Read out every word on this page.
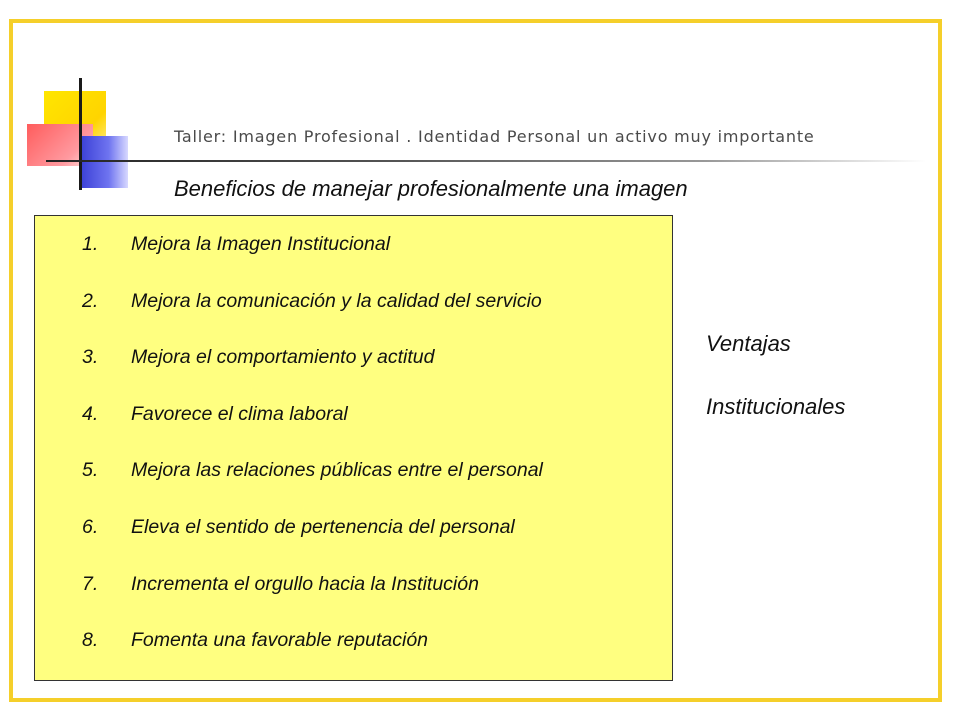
Taller: Imagen Profesional . Identidad Personal un activo muy importante
Beneficios de manejar profesionalmente una imagen
1. Mejora la Imagen Institucional
2. Mejora la comunicación y la calidad del servicio
3. Mejora el comportamiento y actitud
4. Favorece el clima laboral
5. Mejora las relaciones públicas entre el personal
6. Eleva el sentido de pertenencia del personal
7. Incrementa el orgullo hacia la Institución
8. Fomenta una favorable reputación
Ventajas
Institucionales
